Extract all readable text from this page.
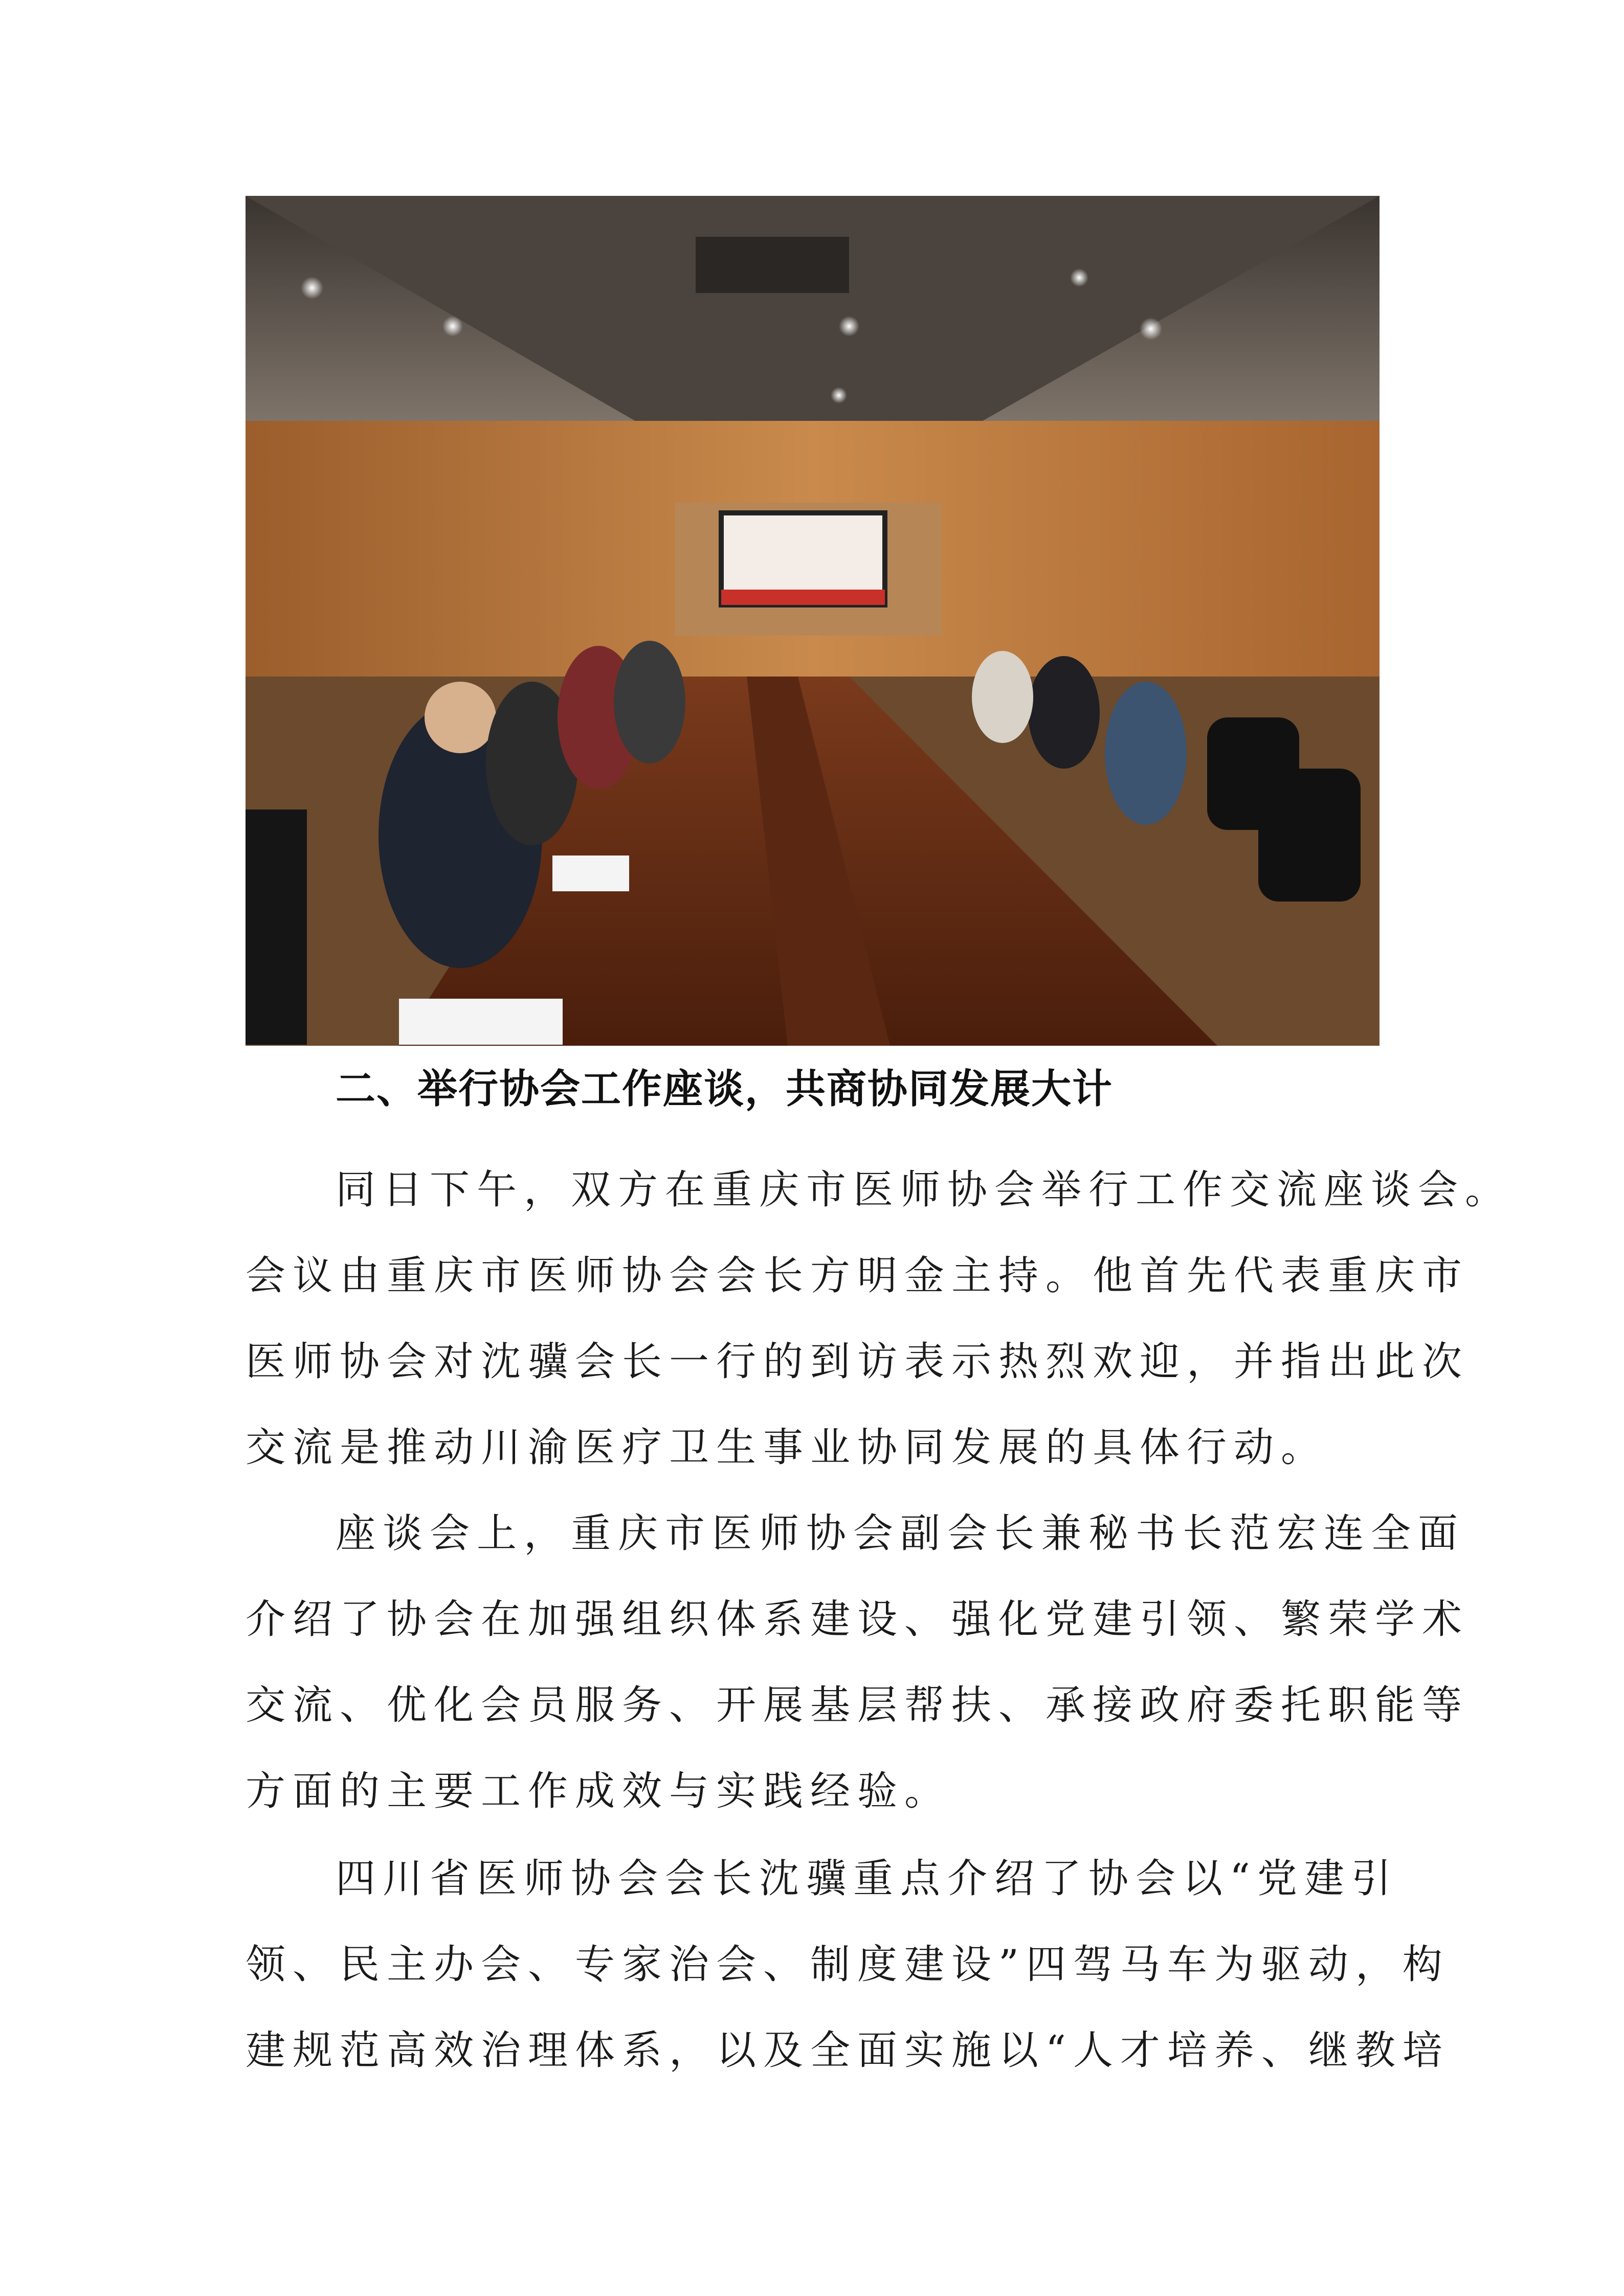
二、举行协会工作座谈，共商协同发展大计
同日下午，双方在重庆市医师协会举行工作交流座谈会。
会议由重庆市医师协会会长方明金主持。他首先代表重庆市
医师协会对沈骥会长一行的到访表示热烈欢迎，并指出此次
交流是推动川渝医疗卫生事业协同发展的具体行动。
座谈会上，重庆市医师协会副会长兼秘书长范宏连全面
介绍了协会在加强组织体系建设、强化党建引领、繁荣学术
交流、优化会员服务、开展基层帮扶、承接政府委托职能等
方面的主要工作成效与实践经验。
四川省医师协会会长沈骥重点介绍了协会以“党建引
领、民主办会、专家治会、制度建设”四驾马车为驱动，构
建规范高效治理体系，以及全面实施以“人才培养、继教培
